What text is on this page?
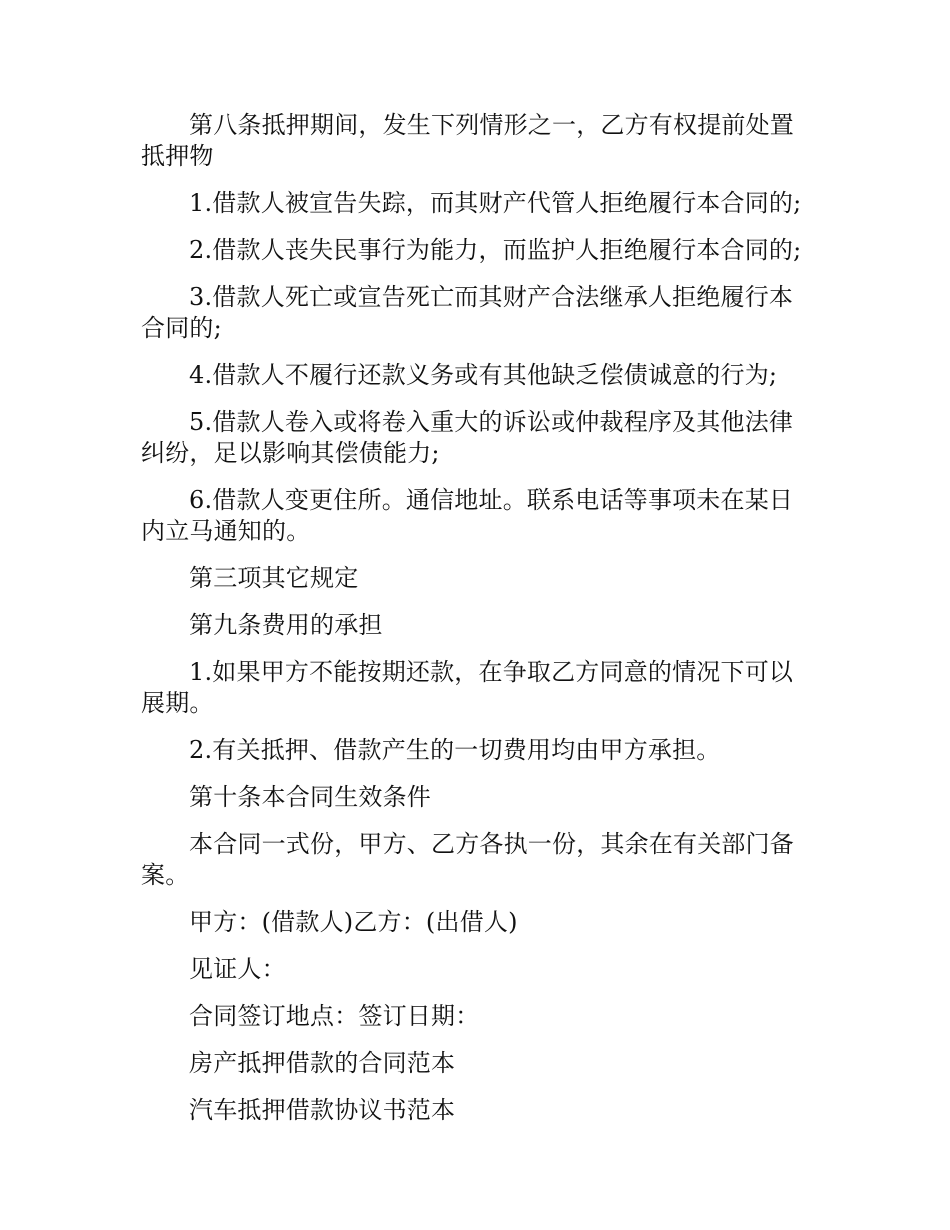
第八条抵押期间，发生下列情形之一，乙方有权提前处置抵押物

1.借款人被宣告失踪，而其财产代管人拒绝履行本合同的;

2.借款人丧失民事行为能力，而监护人拒绝履行本合同的;

3.借款人死亡或宣告死亡而其财产合法继承人拒绝履行本合同的;

4.借款人不履行还款义务或有其他缺乏偿债诚意的行为;

5.借款人卷入或将卷入重大的诉讼或仲裁程序及其他法律纠纷，足以影响其偿债能力;

6.借款人变更住所。通信地址。联系电话等事项未在某日内立马通知的。

第三项其它规定

第九条费用的承担

1.如果甲方不能按期还款，在争取乙方同意的情况下可以展期。

2.有关抵押、借款产生的一切费用均由甲方承担。

第十条本合同生效条件

本合同一式份，甲方、乙方各执一份，其余在有关部门备案。

甲方：(借款人)乙方：(出借人)

见证人：

合同签订地点：签订日期：

房产抵押借款的合同范本

汽车抵押借款协议书范本
